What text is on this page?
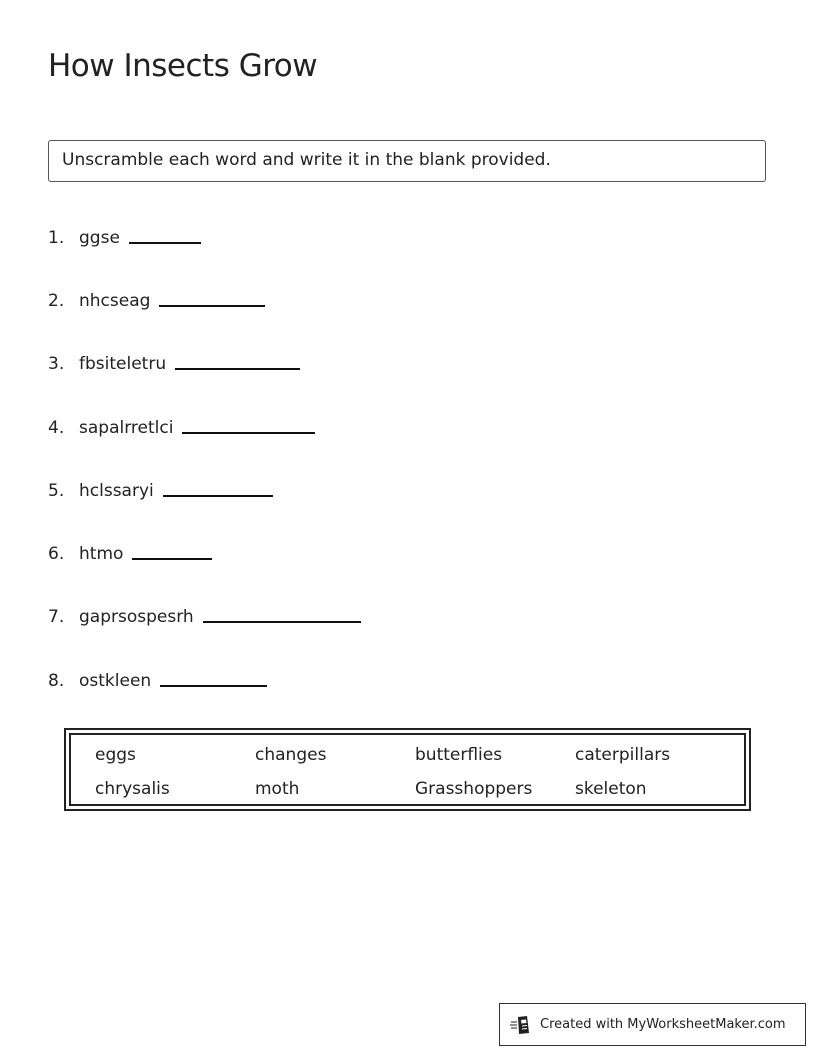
How Insects Grow
Unscramble each word and write it in the blank provided.
1. ggse
2. nhcseag
3. fbsiteletru
4. sapalrretlci
5. hclssaryi
6. htmo
7. gaprsospesrh
8. ostkleen
eggs	changes	butterflies	caterpillars
chrysalis	moth	Grasshoppers	skeleton
Created with MyWorksheetMaker.com
